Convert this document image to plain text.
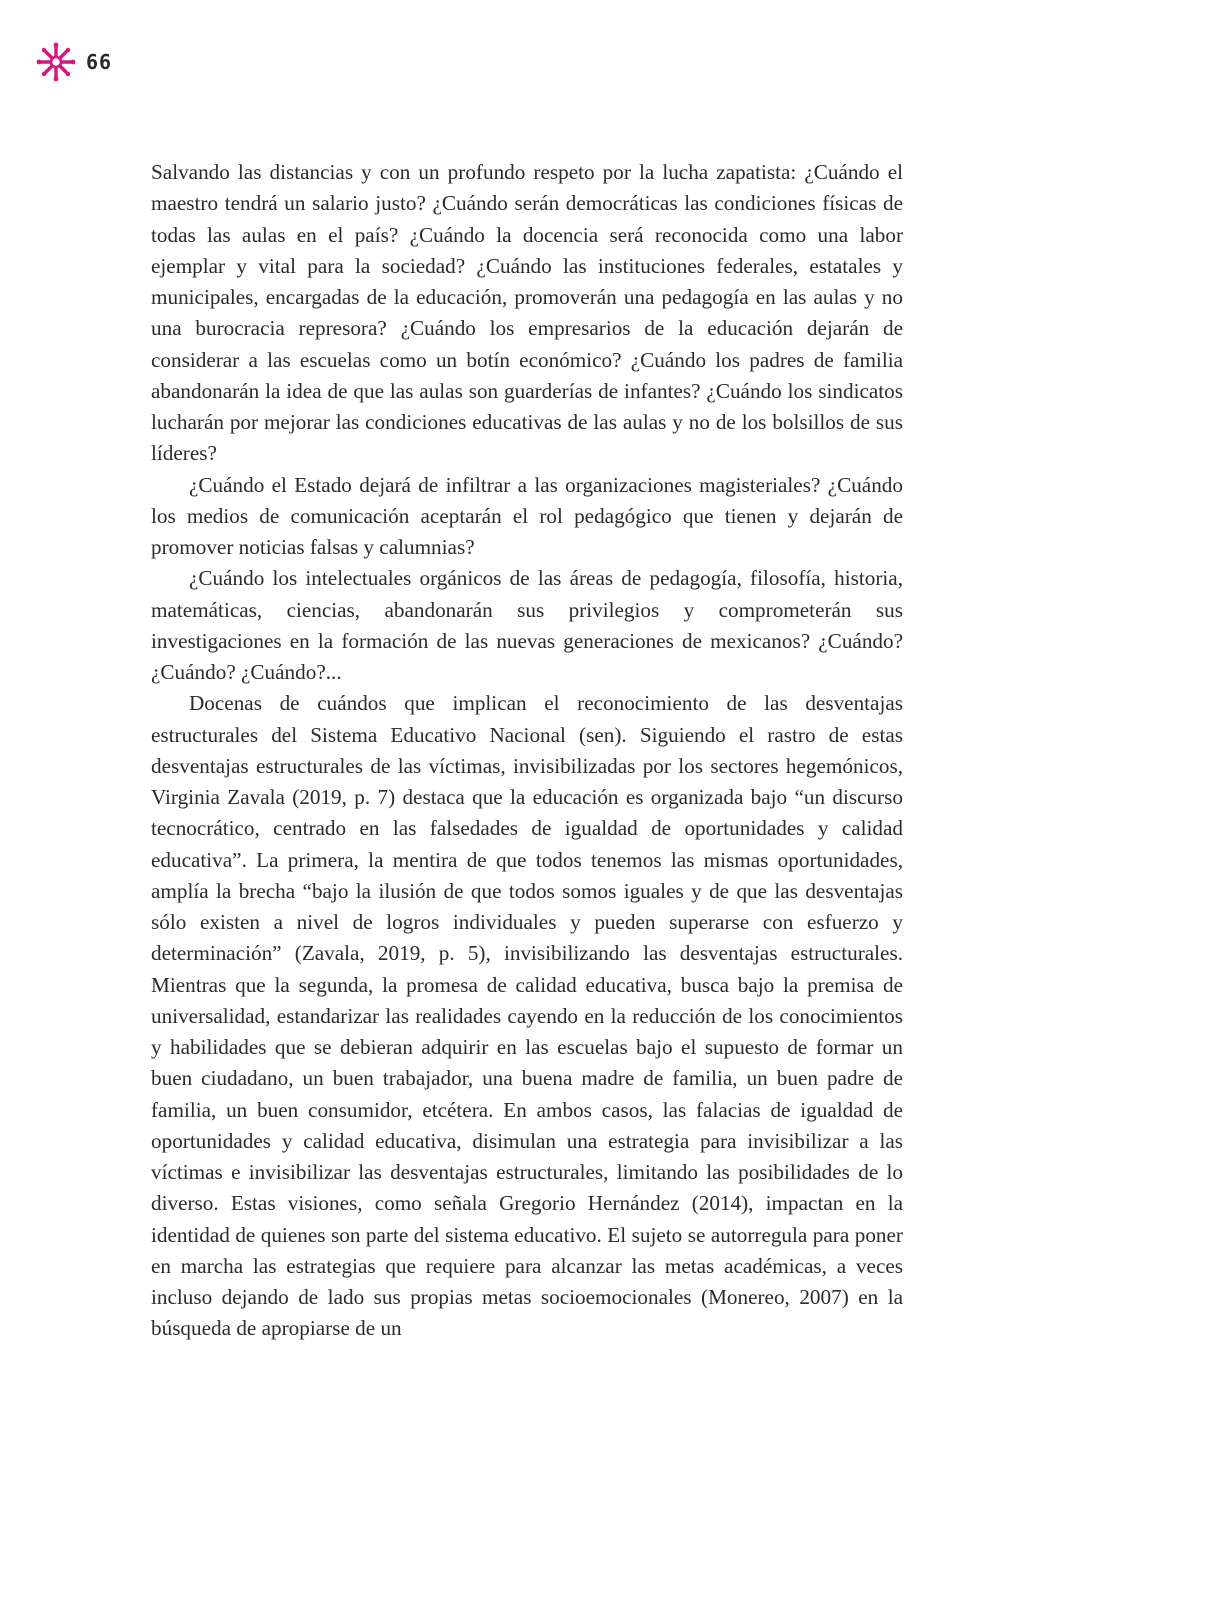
66

Salvando las distancias y con un profundo respeto por la lucha zapatista: ¿Cuándo el maestro tendrá un salario justo? ¿Cuándo serán democráticas las condiciones físicas de todas las aulas en el país? ¿Cuándo la docencia será reconocida como una labor ejemplar y vital para la sociedad? ¿Cuándo las instituciones federales, estatales y municipales, encargadas de la educación, promoverán una pedagogía en las aulas y no una burocracia represora? ¿Cuándo los empresarios de la educación dejarán de considerar a las escuelas como un botín económico? ¿Cuándo los padres de familia abandonarán la idea de que las aulas son guarderías de infantes? ¿Cuándo los sindicatos lucharán por mejorar las condiciones educativas de las aulas y no de los bolsillos de sus líderes?

¿Cuándo el Estado dejará de infiltrar a las organizaciones magisteriales? ¿Cuándo los medios de comunicación aceptarán el rol pedagógico que tienen y dejarán de promover noticias falsas y calumnias?

¿Cuándo los intelectuales orgánicos de las áreas de pedagogía, filosofía, historia, matemáticas, ciencias, abandonarán sus privilegios y comprometerán sus investigaciones en la formación de las nuevas generaciones de mexicanos? ¿Cuándo? ¿Cuándo? ¿Cuándo?...

Docenas de cuándos que implican el reconocimiento de las desventajas estructurales del Sistema Educativo Nacional (sen). Siguiendo el rastro de estas desventajas estructurales de las víctimas, invisibilizadas por los sectores hegemónicos, Virginia Zavala (2019, p. 7) destaca que la educación es organizada bajo “un discurso tecnocrático, centrado en las falsedades de igualdad de oportunidades y calidad educativa”. La primera, la mentira de que todos tenemos las mismas oportunidades, amplía la brecha “bajo la ilusión de que todos somos iguales y de que las desventajas sólo existen a nivel de logros individuales y pueden superarse con esfuerzo y determinación” (Zavala, 2019, p. 5), invisibilizando las desventajas estructurales. Mientras que la segunda, la promesa de calidad educativa, busca bajo la premisa de universalidad, estandarizar las realidades cayendo en la reducción de los conocimientos y habilidades que se debieran adquirir en las escuelas bajo el supuesto de formar un buen ciudadano, un buen trabajador, una buena madre de familia, un buen padre de familia, un buen consumidor, etcétera. En ambos casos, las falacias de igualdad de oportunidades y calidad educativa, disimulan una estrategia para invisibilizar a las víctimas e invisibilizar las desventajas estructurales, limitando las posibilidades de lo diverso. Estas visiones, como señala Gregorio Hernández (2014), impactan en la identidad de quienes son parte del sistema educativo. El sujeto se autorregula para poner en marcha las estrategias que requiere para alcanzar las metas académicas, a veces incluso dejando de lado sus propias metas socioemocionales (Monereo, 2007) en la búsqueda de apropiarse de un
